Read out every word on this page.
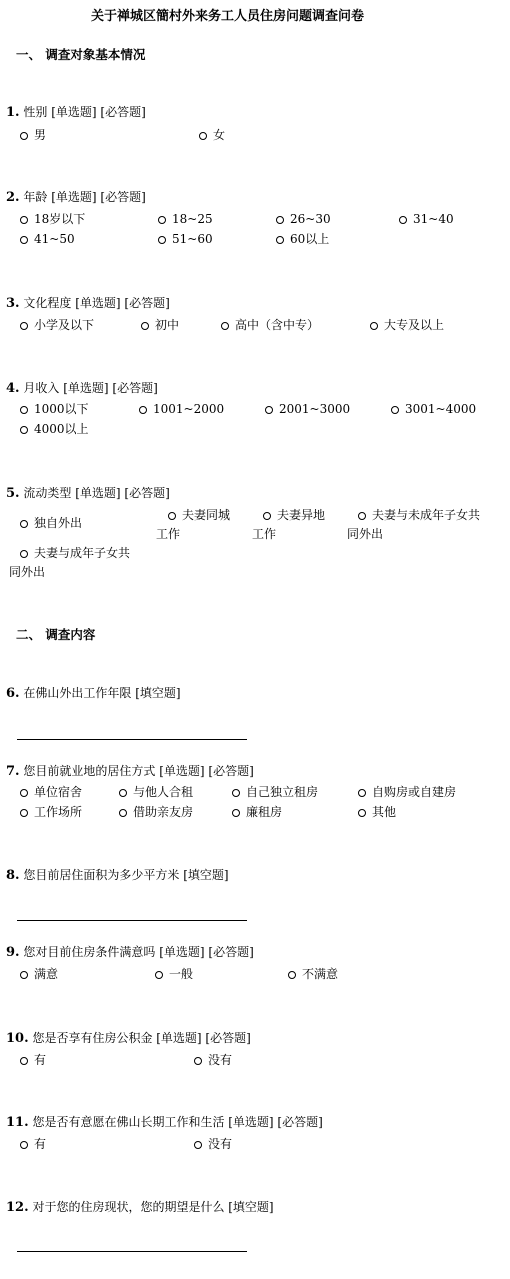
关于禅城区簡村外来务工人员住房问题调查问卷
一、 调查对象基本情况
1. 性别 [单选题] [必答题]
男	女
2. 年龄 [单选题] [必答题]
18岁以下	18~25	26~30	31~40
41~50	51~60	60以上
3. 文化程度 [单选题] [必答题]
小学及以下	初中	高中（含中专）	大专及以上
4. 月收入 [单选题] [必答题]
1000以下	1001~2000	2001~3000	3001~4000
4000以上
5. 流动类型 [单选题] [必答题]
独自外出
夫妻同城
工作
夫妻异地
工作
夫妻与未成年子女共
同外出
夫妻与成年子女共
同外出
二、 调查内容
6. 在佛山外出工作年限 [填空题]
7. 您目前就业地的居住方式 [单选题] [必答题]
单位宿舍	与他人合租	自己独立租房	自购房或自建房
工作场所	借助亲友房	廉租房	其他
8. 您目前居住面积为多少平方米 [填空题]
9. 您对目前住房条件满意吗 [单选题] [必答题]
满意	一般	不满意
10. 您是否享有住房公积金 [单选题] [必答题]
有	没有
11. 您是否有意愿在佛山长期工作和生活 [单选题] [必答题]
有	没有
12. 对于您的住房现状，您的期望是什么 [填空题]
